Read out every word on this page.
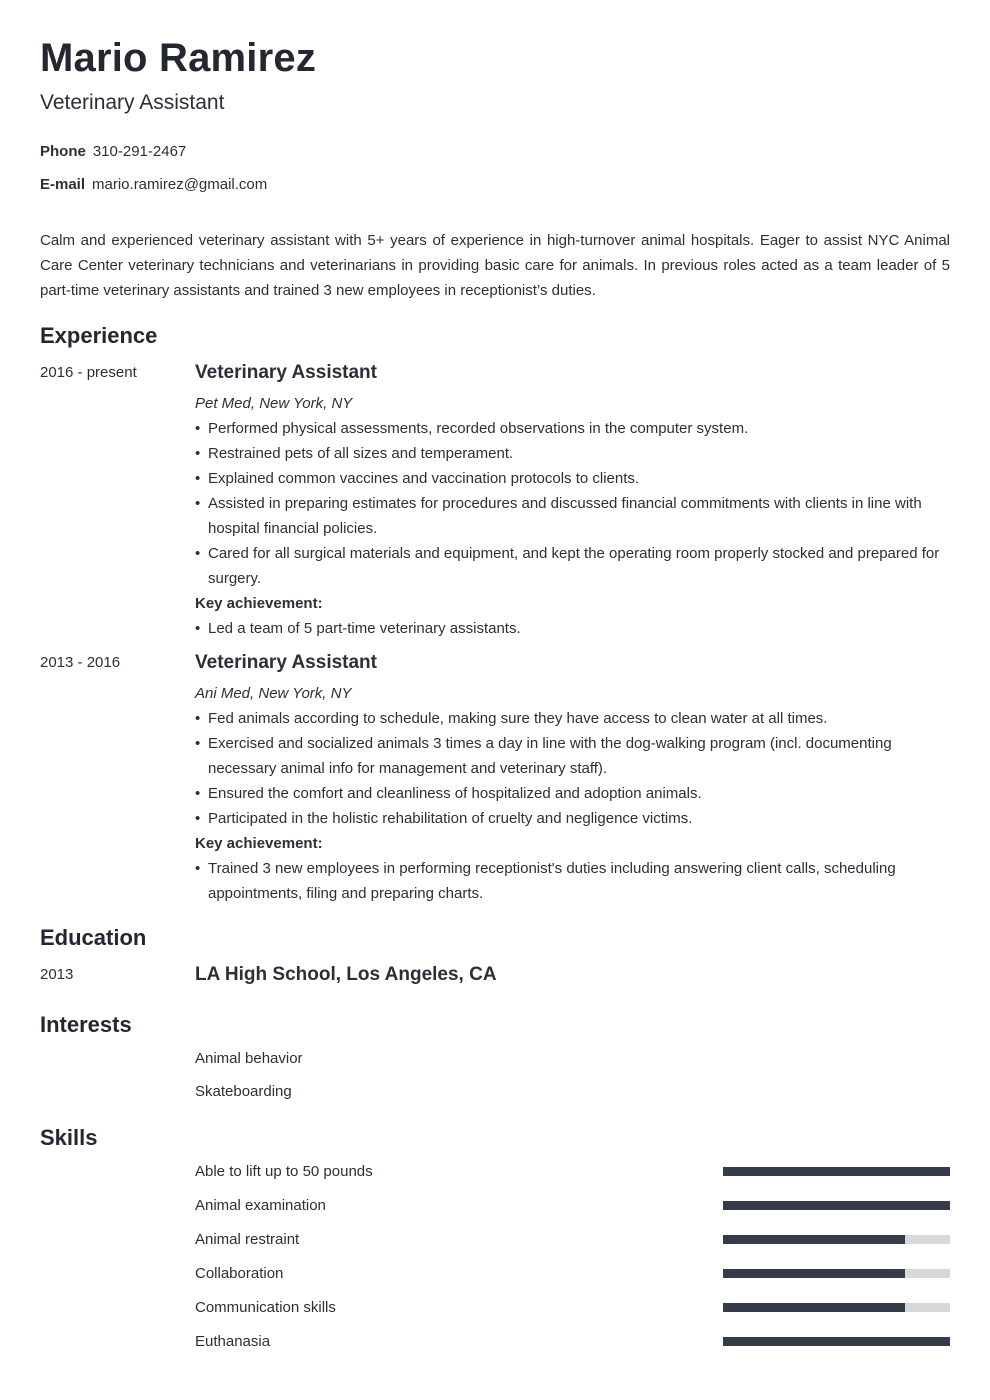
Mario Ramirez
Veterinary Assistant
Phone 310-291-2467
E-mail mario.ramirez@gmail.com
Calm and experienced veterinary assistant with 5+ years of experience in high-turnover animal hospitals. Eager to assist NYC Animal Care Center veterinary technicians and veterinarians in providing basic care for animals. In previous roles acted as a team leader of 5 part-time veterinary assistants and trained 3 new employees in receptionist’s duties.
Experience
2016 - present	Veterinary Assistant
Pet Med, New York, NY
• Performed physical assessments, recorded observations in the computer system.
• Restrained pets of all sizes and temperament.
• Explained common vaccines and vaccination protocols to clients.
• Assisted in preparing estimates for procedures and discussed financial commitments with clients in line with hospital financial policies.
• Cared for all surgical materials and equipment, and kept the operating room properly stocked and prepared for surgery.
Key achievement:
• Led a team of 5 part-time veterinary assistants.
2013 - 2016	Veterinary Assistant
Ani Med, New York, NY
• Fed animals according to schedule, making sure they have access to clean water at all times.
• Exercised and socialized animals 3 times a day in line with the dog-walking program (incl. documenting necessary animal info for management and veterinary staff).
• Ensured the comfort and cleanliness of hospitalized and adoption animals.
• Participated in the holistic rehabilitation of cruelty and negligence victims.
Key achievement:
• Trained 3 new employees in performing receptionist's duties including answering client calls, scheduling appointments, filing and preparing charts.
Education
2013	LA High School, Los Angeles, CA
Interests
Animal behavior
Skateboarding
Skills
Able to lift up to 50 pounds
Animal examination
Animal restraint
Collaboration
Communication skills
Euthanasia
